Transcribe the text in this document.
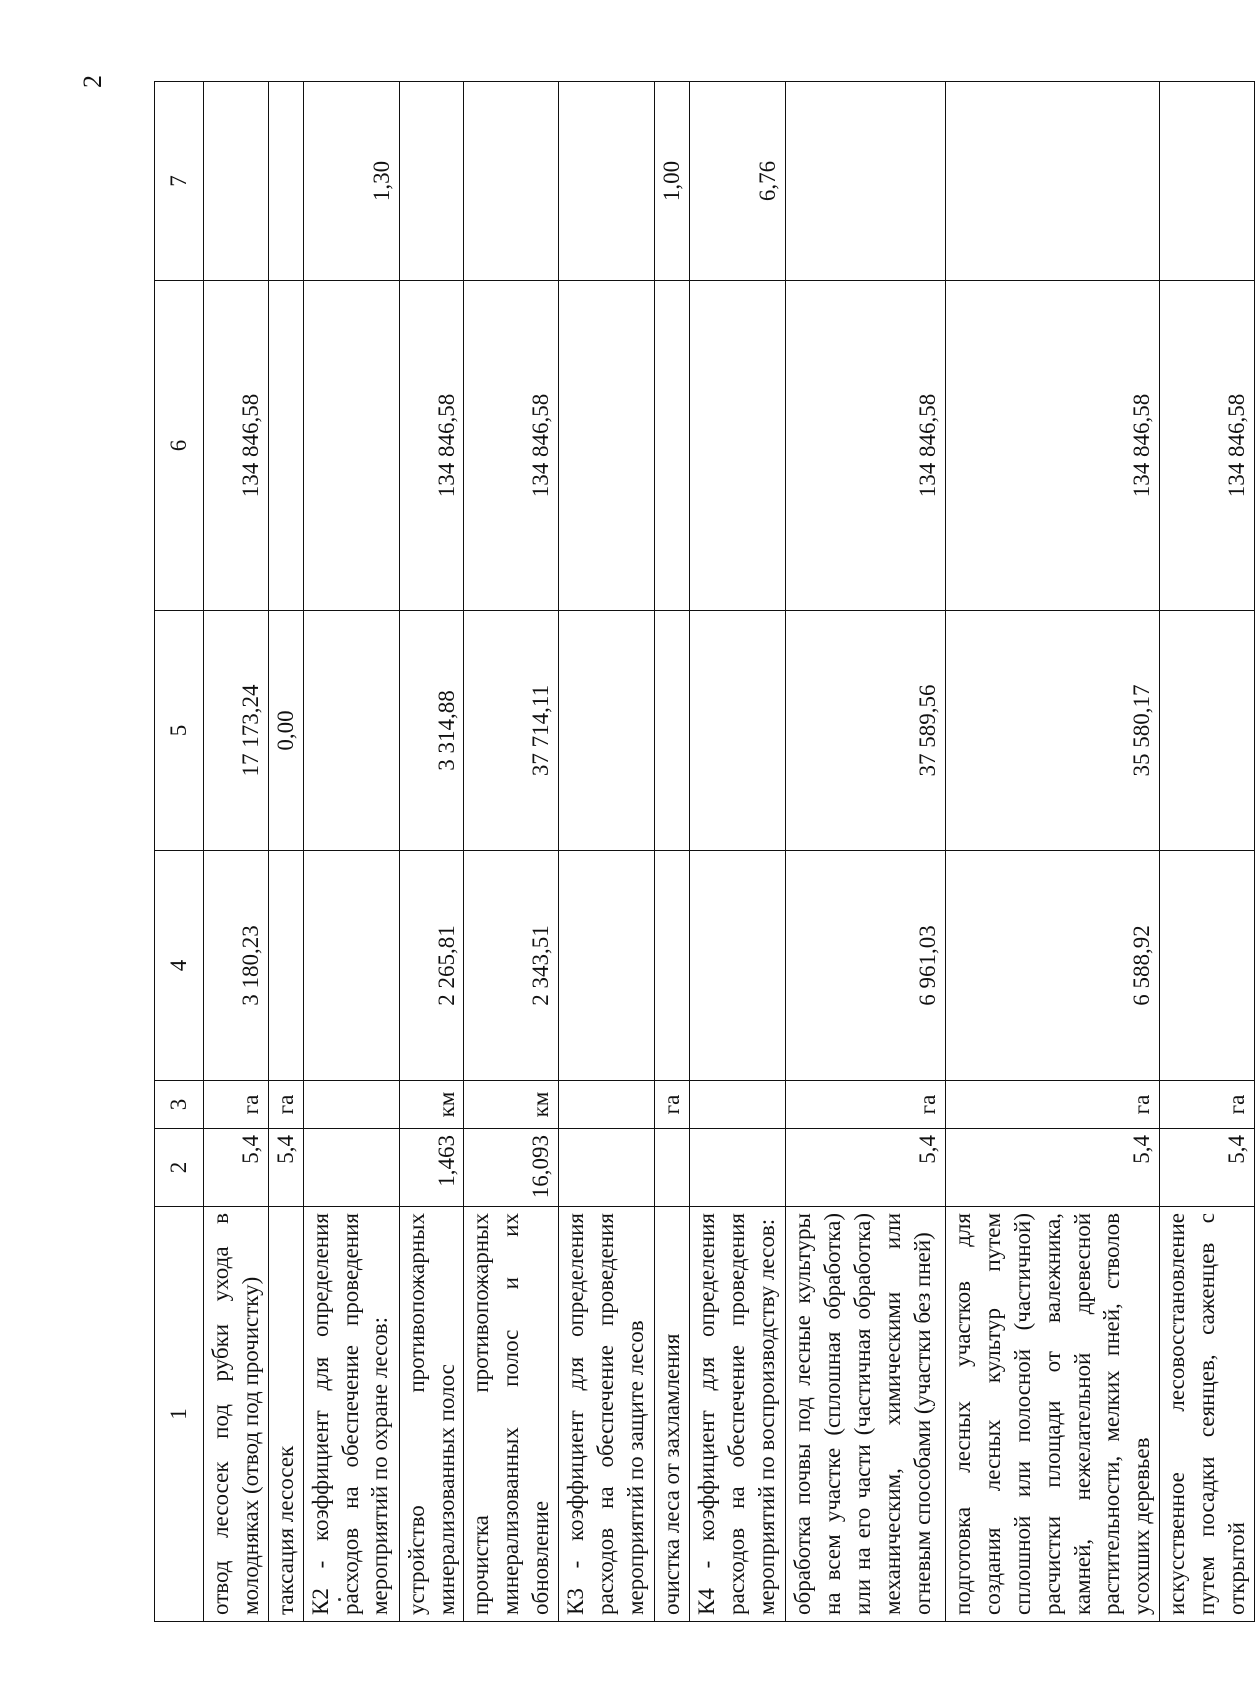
2
1	2	3	4	5	6	7
отвод лесосек под рубки ухода в молодняках (отвод под прочистку)	5,4	га	3 180,23	17 173,24	134 846,58	
таксация лесосек	5,4	га		0,00		
К2 - коэффициент для определения расходов на обеспечение проведения мероприятий по охране лесов:						1,30

устройство
противопожарных
минерализованных полос	1,463	км	2 265,81	3 314,88	134 846,58	

прочистка
противопожарных минерализованных полос и их обновление	16,093	км	2 343,51	37 714,11	134 846,58	
К3 - коэффициент для определения расходов на обеспечение проведения мероприятий по защите лесов						
очистка леса от захламления		га				1,00
К4 - коэффициент для определения расходов на обеспечение проведения мероприятий по воспроизводству лесов:						6,76
обработка почвы под лесные культуры на всем участке (сплошная обработка) или на его части (частичная обработка) механическим, химическими или огневым способами (участки без пней)	5,4	га	6 961,03	37 589,56	134 846,58	
подготовка лесных участков для создания лесных культур путем сплошной или полосной (частичной) расчистки площади от валежника, камней, нежелательной древесной растительности, мелких пней, стволов усохших деревьев	5,4	га	6 588,92	35 580,17	134 846,58	
искусственное лесовосстановление путем посадки сеянцев, саженцев с открытой	5,4	га			134 846,58	
